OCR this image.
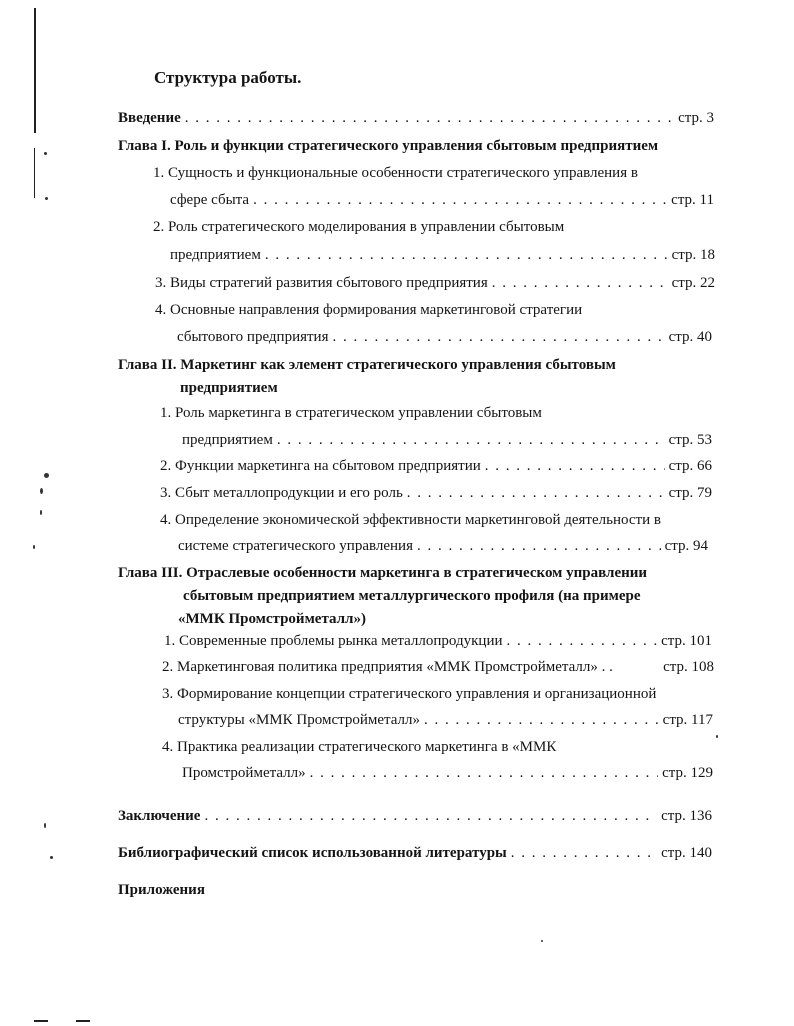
Структура работы.
Введение . . .	стр. 3
Глава I. Роль и функции стратегического управления сбытовым предприятием
1. Сущность и функциональные особенности стратегического управления в
сфере сбыта . . .	стр. 11
2. Роль стратегического моделирования в управлении сбытовым
предприятием . . .	стр. 18
3. Виды стратегий развития сбытового предприятия . . .	стр. 22
4. Основные направления формирования маркетинговой стратегии
сбытового предприятия . . .	стр. 40
Глава II. Маркетинг как элемент стратегического управления сбытовым
предприятием
1. Роль маркетинга в стратегическом управлении сбытовым
предприятием . . .	стр. 53
2. Функции маркетинга на сбытовом предприятии . . .	стр. 66
3. Сбыт металлопродукции и его роль . . .	стр. 79
4. Определение экономической эффективности маркетинговой деятельности в
системе стратегического управления . . .	стр. 94
Глава III. Отраслевые особенности маркетинга в стратегическом управлении
сбытовым предприятием металлургического профиля (на примере
«ММК Промстройметалл»)
1. Современные проблемы рынка металлопродукции . . .	стр. 101
2. Маркетинговая политика предприятия «ММК Промстройметалл» . .	стр. 108
3. Формирование концепции стратегического управления и организационной
структуры «ММК Промстройметалл» . . .	стр. 117
4. Практика реализации стратегического маркетинга в «ММК
Промстройметалл» . . .	стр. 129
Заключение . . .	стр. 136
Библиографический список использованной литературы . . .	стр. 140
Приложения
